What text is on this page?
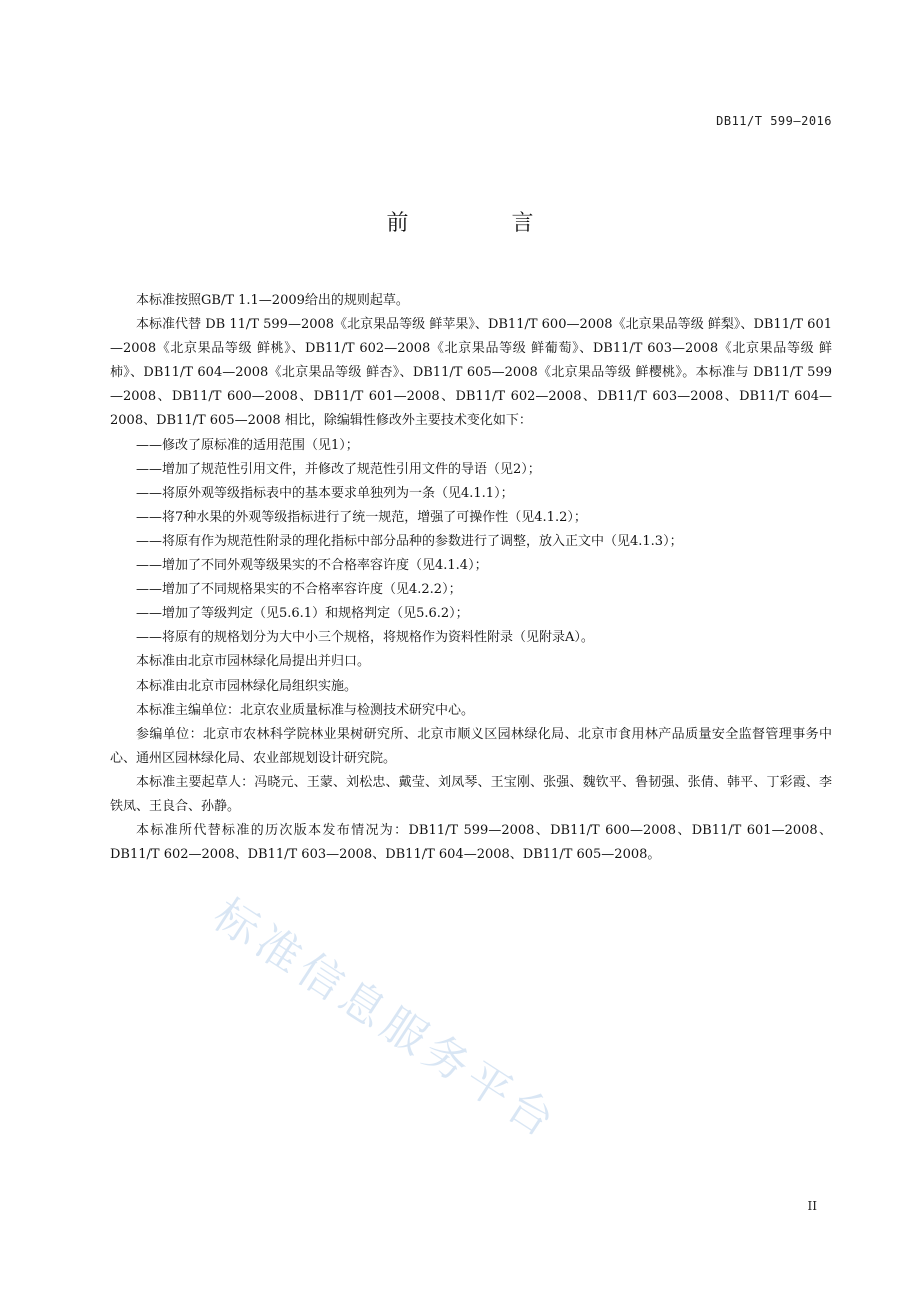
DB11/T 599—2016
前 言

本标准按照GB/T 1.1—2009给出的规则起草。

本标准代替 DB 11/T 599—2008《北京果品等级 鲜苹果》、DB11/T 600—2008《北京果品等级 鲜梨》、DB11/T 601—2008《北京果品等级 鲜桃》、DB11/T 602—2008《北京果品等级 鲜葡萄》、DB11/T 603—2008《北京果品等级 鲜柿》、DB11/T 604—2008《北京果品等级 鲜杏》、DB11/T 605—2008《北京果品等级 鲜樱桃》。本标准与 DB11/T 599—2008、DB11/T 600—2008、DB11/T 601—2008、DB11/T 602—2008、DB11/T 603—2008、DB11/T 604—2008、DB11/T 605—2008 相比，除编辑性修改外主要技术变化如下：

——修改了原标准的适用范围（见1）；

——增加了规范性引用文件，并修改了规范性引用文件的导语（见2）；

——将原外观等级指标表中的基本要求单独列为一条（见4.1.1）；

——将7种水果的外观等级指标进行了统一规范，增强了可操作性（见4.1.2）；

——将原有作为规范性附录的理化指标中部分品种的参数进行了调整，放入正文中（见4.1.3）；

——增加了不同外观等级果实的不合格率容许度（见4.1.4）；

——增加了不同规格果实的不合格率容许度（见4.2.2）；

——增加了等级判定（见5.6.1）和规格判定（见5.6.2）；

——将原有的规格划分为大中小三个规格，将规格作为资料性附录（见附录A）。

本标准由北京市园林绿化局提出并归口。

本标准由北京市园林绿化局组织实施。

本标准主编单位：北京农业质量标准与检测技术研究中心。

参编单位：北京市农林科学院林业果树研究所、北京市顺义区园林绿化局、北京市食用林产品质量安全监督管理事务中心、通州区园林绿化局、农业部规划设计研究院。

本标准主要起草人：冯晓元、王蒙、刘松忠、戴莹、刘凤琴、王宝刚、张强、魏钦平、鲁韧强、张倩、韩平、丁彩霞、李铁凤、王良合、孙静。

本标准所代替标准的历次版本发布情况为：DB11/T 599—2008、DB11/T 600—2008、DB11/T 601—2008、DB11/T 602—2008、DB11/T 603—2008、DB11/T 604—2008、DB11/T 605—2008。

标准信息服务平台
II
